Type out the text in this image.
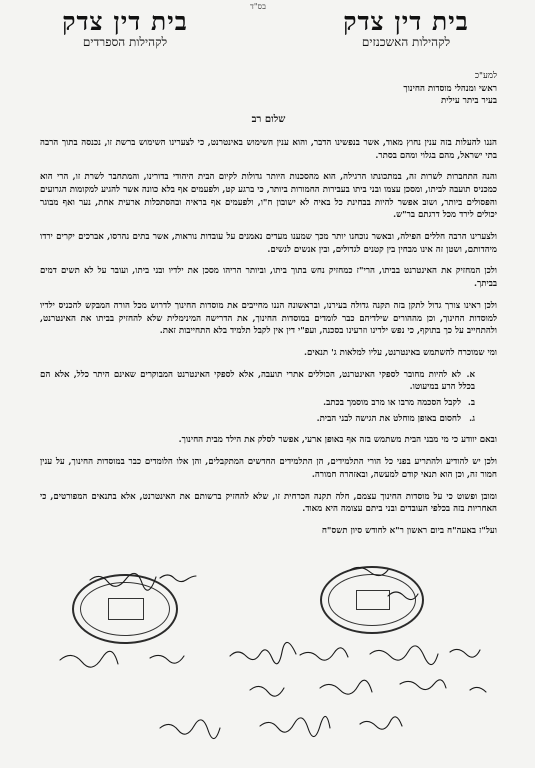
בס"ד
בית דין צדק
לקהילות האשכנזים
בית דין צדק
לקהילות הספרדים
למע"כ
ראשי ומנהלי מוסדות החינוך
בעיר ביתר עילית
שלום רב

הננו להעלות בזה ענין נחוץ מאוד, אשר בנפשינו הדבר, והוא ענין השימוש באינטרנט, כי לצערינו השימוש ברשת זו, נכנסה בתוך הרבה בתי ישראל, מהם בגלוי ומהם בסתר.

והנה התחברות לשרות זה, במתכונתו הרגילה, הוא מהסכנות היותר גדולות לקיום הבית היהודי בדורינו, והמתחבר לשרת זו, הרי הוא כמכניס תועבה לביתו, ומסכן עצמו ובני ביתו בעבירות החמורות ביותר, כי ברגע קט, ולפעמים אף בלא כוונה אשר להגיע למקומות הגרועים והפסולים ביותר, ושוב אפשר להיות בבחינת כל באיה לא ישובון ח"ו, ולפעמים אף בראיה ובהסתכלות ארעית אחת, נער ואף מבוגר יכולים לירד מכל דרגתם בר"ש.

ולצערינו הרבה חללים הפילה, ובאשר נוכחנו יותר מכך שמענו מעדים נאמנים על עובדות נוראות, אשר בתים נהרסו, אברכים יקרים ירדו מיהדותם, ושטן זה אינו מבחין בין קטנים לגדולים, ובין אנשים לנשים.

ולכן המחזיק את האינטרנט בביתו, הרי"ז כמחזיק נחש בתוך ביתו, וביותר הריהו מסכן את ילדיו ובני ביתו, ועובר על לא תשים דמים בביתך.

ולכן ראינו צורך גדול לתקן בזה תקנה גדולה בעירנו, ובראשונה הננו מחייבים את מוסדות החינוך לדרוש מכל הורה המבקש להכניס ילדיו למוסדות החינוך, וכן מההורים שילדיהם כבר לומדים במוסדות החינוך, את הדרישה המינימלית שלא להחזיק בביתו את האינטרנט, ולהתחייב על כך בתוקף, כי נפש ילדינו וזרעינו בסכנה, ועפ"י דין אין לקבל תלמיד בלא התחייבות זאת.

ומי שמוכרח להשתמש באינטרנט, עליו למלאות ג' תנאים.

א.לא להיות מחובר לספקי האינטרנט, הכוללים אתרי תועבה, אלא לספקי האינטרנט המבוקרים שאינם היתר כלל, אלא הם בכלל הרע במיעוטו.
ב.לקבל הסכמה מרבו או מרב מוסמך בכתב.
ג.לחסום באופן מוחלט את הגישה לבני הבית.

ובאם יוודע כי מי מבני הבית משתמש בזה אף באופן ארעי, אפשר לסלק את הילד מבית החינוך.

ולכן יש להודיע ולהתריע בפני כל הורי התלמידים, הן התלמידים החדשים המתקבלים, והן אלו הלומדים כבר במוסדות החינוך, על ענין חמור זה, וכן הוא תנאי קודם למעשה, ובאזהרה חמורה.

ומובן ופשוט כי על מוסדות החינוך עצמם, חלה תקנה הכרחית זו, שלא להחזיק ברשותם את האינטרנט, אלא בתנאים המפורטים, כי האחריות בזה בכלפי העובדים ובני ביתם עצומה היא מאוד.

ועל"ז באעה"ח ביום ראשון ר"א לחודש סיון תשס"ח
